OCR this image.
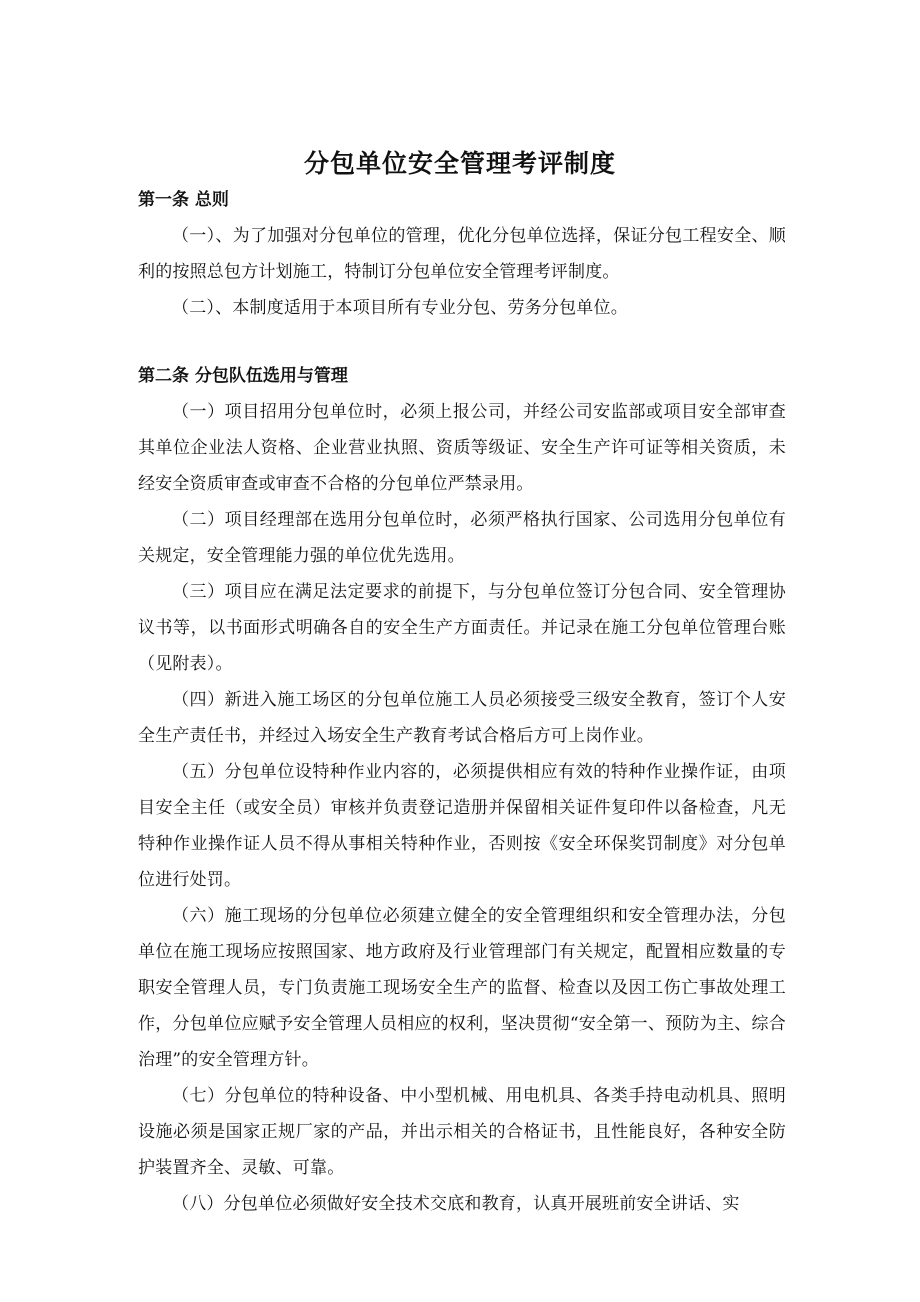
分包单位安全管理考评制度
第一条 总则

（一）、为了加强对分包单位的管理，优化分包单位选择，保证分包工程安全、顺利的按照总包方计划施工，特制订分包单位安全管理考评制度。

（二）、本制度适用于本项目所有专业分包、劳务分包单位。

第二条 分包队伍选用与管理

（一）项目招用分包单位时，必须上报公司，并经公司安监部或项目安全部审查其单位企业法人资格、企业营业执照、资质等级证、安全生产许可证等相关资质，未经安全资质审查或审查不合格的分包单位严禁录用。

（二）项目经理部在选用分包单位时，必须严格执行国家、公司选用分包单位有关规定，安全管理能力强的单位优先选用。

（三）项目应在满足法定要求的前提下，与分包单位签订分包合同、安全管理协议书等，以书面形式明确各自的安全生产方面责任。并记录在施工分包单位管理台账（见附表）。

（四）新进入施工场区的分包单位施工人员必须接受三级安全教育，签订个人安全生产责任书，并经过入场安全生产教育考试合格后方可上岗作业。

（五）分包单位设特种作业内容的，必须提供相应有效的特种作业操作证，由项目安全主任（或安全员）审核并负责登记造册并保留相关证件复印件以备检查，凡无特种作业操作证人员不得从事相关特种作业，否则按《安全环保奖罚制度》对分包单位进行处罚。

（六）施工现场的分包单位必须建立健全的安全管理组织和安全管理办法，分包单位在施工现场应按照国家、地方政府及行业管理部门有关规定，配置相应数量的专职安全管理人员，专门负责施工现场安全生产的监督、检查以及因工伤亡事故处理工作，分包单位应赋予安全管理人员相应的权利，坚决贯彻“安全第一、预防为主、综合治理”的安全管理方针。

（七）分包单位的特种设备、中小型机械、用电机具、各类手持电动机具、照明设施必须是国家正规厂家的产品，并出示相关的合格证书，且性能良好，各种安全防护装置齐全、灵敏、可靠。

（八）分包单位必须做好安全技术交底和教育，认真开展班前安全讲话、实
